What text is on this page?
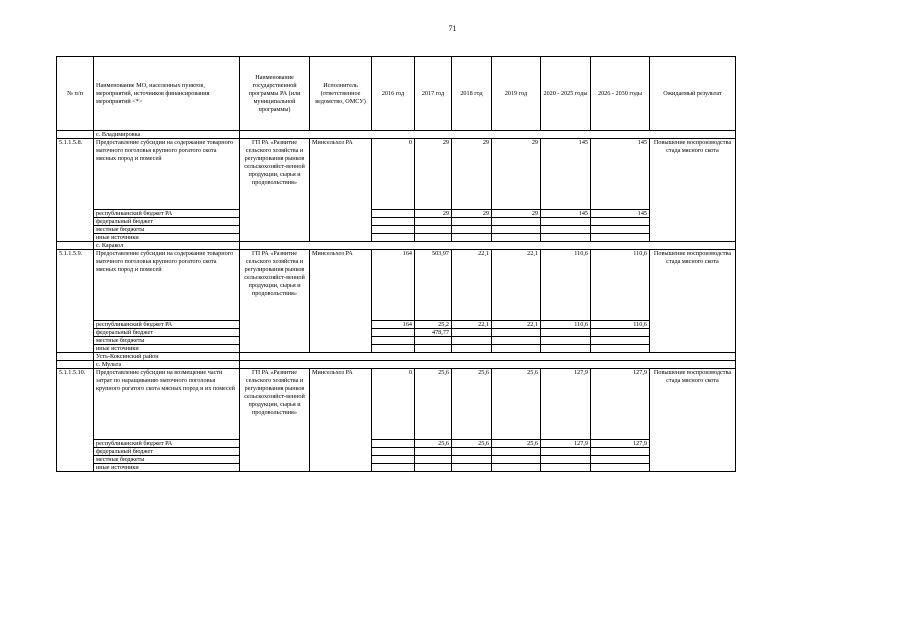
71
№ п/п	Наименование МО, населенных пунктов, мероприятий, источников финансирования мероприятий <*>	Наименование государственной программы РА (или муниципальной программы)	Исполнитель (ответственное ведомство, ОМСУ)	2016 год	2017 год	2018 год	2019 год	2020 - 2025 годы	2026 - 2030 годы	Ожидаемый результат
	с. Владимировка									
5.1.1.5.8.	Предоставление субсидии на содержание товарного маточного поголовья крупного рогатого скота мясных пород и помесей	ГП РА «Развитие сельского хозяйства и регулирования рынков сельскохозяйст-венной продукции, сырья и продовольствия»	Минсельхоз РА	0	29	29	29	145	145	Повышение воспроизводства стада мясного скота
	республиканский бюджет РА				29	29	29	145	145	
	федеральный бюджет									
	местные бюджеты									
	иные источники									
	с. Каракол									
5.1.1.5.9.	Предоставление субсидии на содержание товарного маточного поголовья крупного рогатого скота мясных пород и помесей	ГП РА «Развитие сельского хозяйства и регулирования рынков сельскохозяйст-венной продукции, сырья и продовольствия»	Минсельхоз РА	164	503,97	22,1	22,1	110,6	110,6	Повышение воспроизводства стада мясного скота
	республиканский бюджет РА			164	25,2	22,1	22,1	110,6	110,6	
	федеральный бюджет				478,77					
	местные бюджеты									
	иные источники									
	Усть-Коксинский район									
	с. Мульта									
5.1.1.5.10.	Предоставление субсидии на возмещение части затрат по наращиванию маточного поголовья крупного рогатого скота мясных пород и их помесей	ГП РА «Развитие сельского хозяйства и регулирования рынков сельскохозяйст-венной продукции, сырья и продовольствия»	Минсельхоз РА	0	25,6	25,6	25,6	127,9	127,9	Повышение воспроизводства стада мясного скота
	республиканский бюджет РА				25,6	25,6	25,6	127,9	127,9	
	федеральный бюджет									
	местные бюджеты									
	иные источники									
